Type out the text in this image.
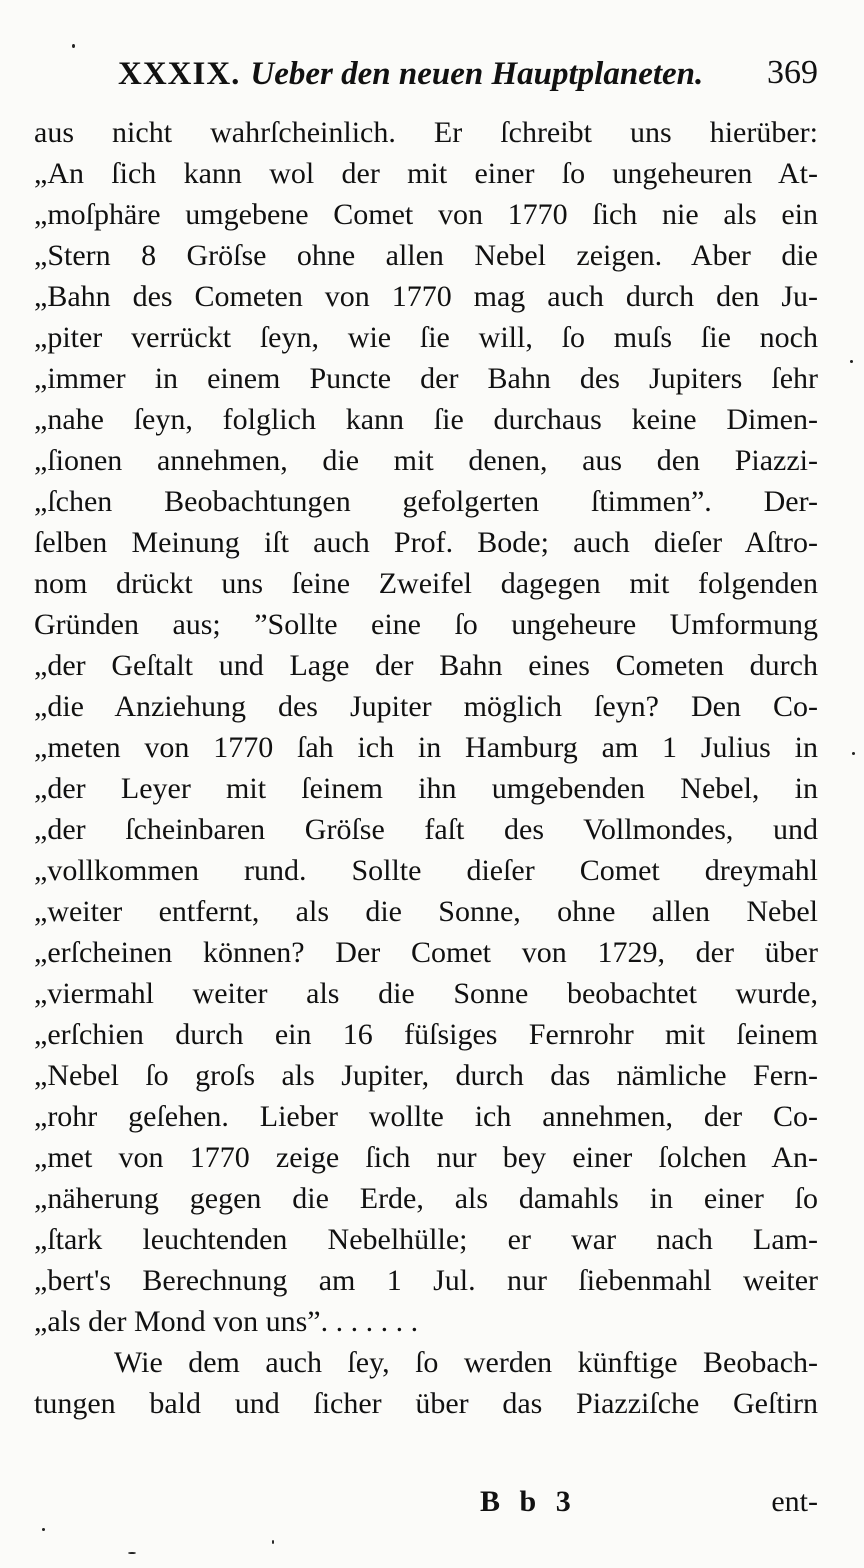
XXXIX. Ueber den neuen Hauptplaneten. 369
aus nicht wahrſcheinlich. Er ſchreibt uns hierüber:
„An ſich kann wol der mit einer ſo ungeheuren At-
„moſphäre umgebene Comet von 1770 ſich nie als ein
„Stern 8 Gröſse ohne allen Nebel zeigen. Aber die
„Bahn des Cometen von 1770 mag auch durch den Ju-
„piter verrückt ſeyn, wie ſie will, ſo muſs ſie noch
„immer in einem Puncte der Bahn des Jupiters ſehr
„nahe ſeyn, folglich kann ſie durchaus keine Dimen-
„ſionen annehmen, die mit denen, aus den Piazzi-
„ſchen Beobachtungen gefolgerten ſtimmen”. Der-
ſelben Meinung iſt auch Prof. Bode; auch dieſer Aſtro-
nom drückt uns ſeine Zweifel dagegen mit folgenden
Gründen aus; ”Sollte eine ſo ungeheure Umformung
„der Geſtalt und Lage der Bahn eines Cometen durch
„die Anziehung des Jupiter möglich ſeyn? Den Co-
„meten von 1770 ſah ich in Hamburg am 1 Julius in
„der Leyer mit ſeinem ihn umgebenden Nebel, in
„der ſcheinbaren Gröſse faſt des Vollmondes, und
„vollkommen rund. Sollte dieſer Comet dreymahl
„weiter entfernt, als die Sonne, ohne allen Nebel
„erſcheinen können? Der Comet von 1729, der über
„viermahl weiter als die Sonne beobachtet wurde,
„erſchien durch ein 16 füſsiges Fernrohr mit ſeinem
„Nebel ſo groſs als Jupiter, durch das nämliche Fern-
„rohr geſehen. Lieber wollte ich annehmen, der Co-
„met von 1770 zeige ſich nur bey einer ſolchen An-
„näherung gegen die Erde, als damahls in einer ſo
„ſtark leuchtenden Nebelhülle; er war nach Lam-
„bert's Berechnung am 1 Jul. nur ſiebenmahl weiter
„als der Mond von uns”. . . . . . .
Wie dem auch ſey, ſo werden künftige Beobach-
tungen bald und ſicher über das Piazziſche Geſtirn
B b 3	ent-
